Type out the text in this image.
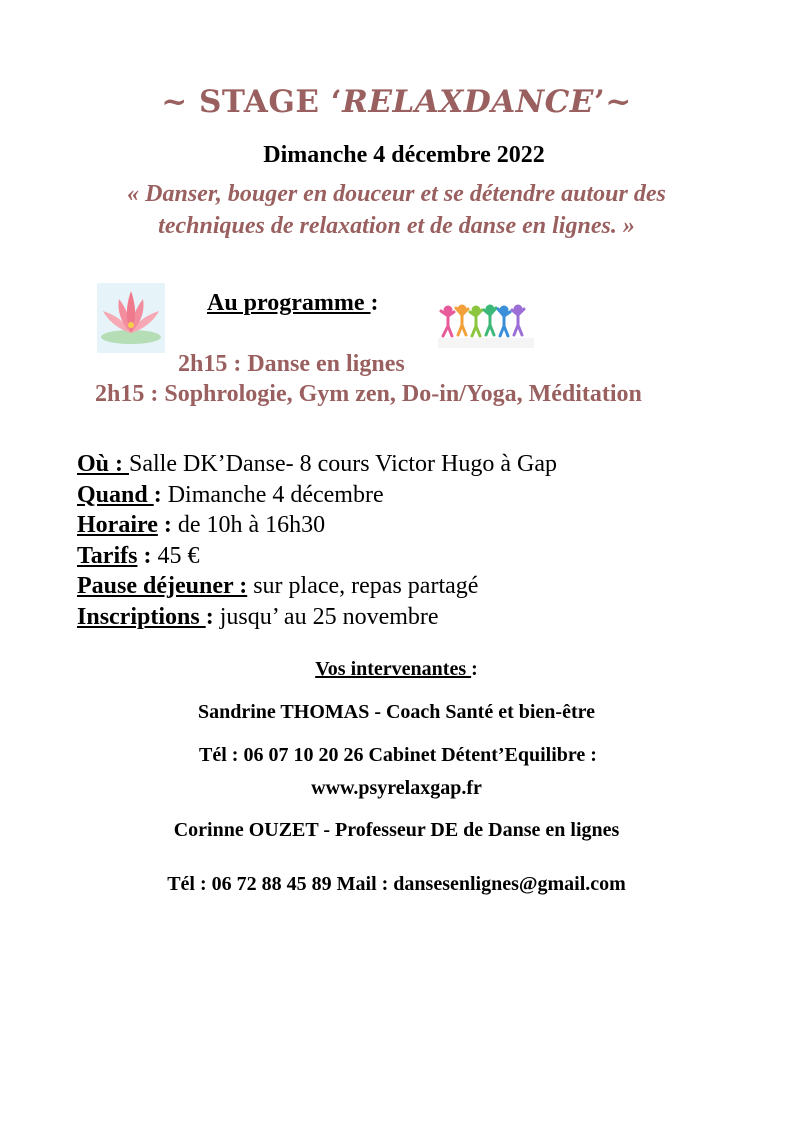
~ STAGE ‘RELAXDANCE’~
Dimanche 4 décembre 2022
« Danser, bouger en douceur et se détendre autour des
techniques de relaxation et de danse en lignes. »
Au programme :
2h15 : Danse en lignes
2h15 : Sophrologie, Gym zen, Do-in/Yoga, Méditation
Où : Salle DK’Danse- 8 cours Victor Hugo à Gap
Quand : Dimanche 4 décembre
Horaire : de 10h à 16h30
Tarifs : 45 €
Pause déjeuner : sur place, repas partagé
Inscriptions : jusqu’ au 25 novembre
Vos intervenantes :
Sandrine THOMAS - Coach Santé et bien-être
Tél : 06 07 10 20 26 Cabinet Détent’Equilibre :
www.psyrelaxgap.fr
Corinne OUZET - Professeur DE de Danse en lignes
Tél : 06 72 88 45 89 Mail : dansesenlignes@gmail.com
